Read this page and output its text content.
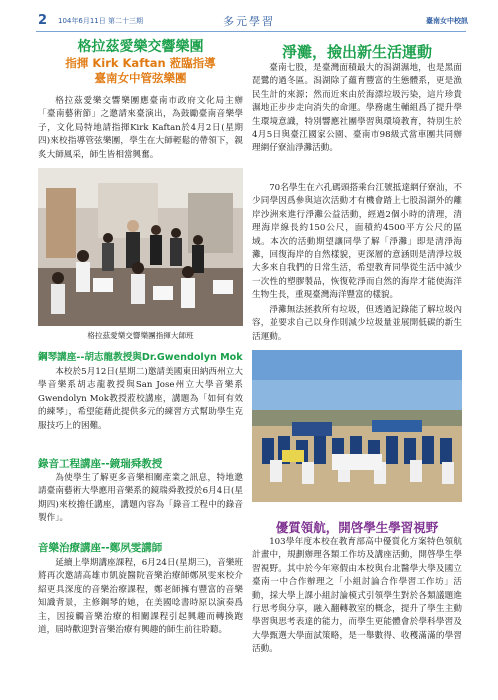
2 104年6月11日 第二十三期	多元學習	臺南女中校訊
格拉茲愛樂交響樂團
指揮 Kirk Kaftan 蒞臨指導
臺南女中管弦樂團

格拉茲愛樂交響樂團應臺南市政府文化局主辦「臺南藝術節」之邀請來臺演出，為鼓勵臺南音樂學子，文化局特地請指揮Kirk Kaftan於4月2日(星期四)來校指導管弦樂團，學生在大師輕鬆的帶領下，親炙大師風采，師生皆相當興奮。

格拉茲愛樂交響樂團指揮大師班
鋼琴講座--胡志龍教授與Dr.Gwendolyn Mok

本校於5月12日(星期二)邀請美國東田納西州立大學音樂系胡志龍教授與San Jose州立大學音樂系Gwendolyn Mok教授蒞校講座，講題為「如何有效的練琴」，希望能藉此提供多元的練習方式幫助學生克服技巧上的困難。

錄音工程講座--鏡瑞舜教授

為使學生了解更多音樂相關產業之訊息，特地邀請臺南藝術大學應用音樂系的鏡瑞舜教授於6月4日(星期四)來校擔任講座，講題內容為「錄音工程中的錄音製作」。

音樂治療講座--鄭夙雯講師

延續上學期講座課程，6月24日(星期三)，音樂班將再次邀請高雄市凱旋醫院音樂治療師鄭夙雯來校介紹更具深度的音樂治療課程，鄭老師擁有豐富的音樂知識背景，主修鋼琴的她，在美國唸書時原以演奏爲主，因接觸音樂治療的相關課程引起興趣而轉換跑道，屆時歡迎對音樂治療有興趣的師生前往聆聽。

淨灘，撿出新生活運動

臺南七股，是臺灣面積最大的潟湖濕地，也是黑面琵鷺的過冬區。潟湖除了蘊育豐富的生態體系，更是漁民生計的來源；然而近來由於海漂垃圾污染，這片珍貴濕地正步步走向消失的命運。學務處生輔組爲了提升學生環境意識，特別響應社團學習與環境教育，特別生於4月5日與臺江國家公園、臺南市98級式當車團共同辦理網仔寮汕淨灘活動。

70名學生在六孔碼頭搭乘台江號抵達網仔寮汕，不少同學因爲參與這次活動才有機會踏上七股潟湖外的離岸沙洲來進行淨灘公益活動，經過2個小時的清理，清理海岸線長約150公尺，面積約4500平方公尺的區域。本次的活動期望讓同學了解「淨灘」即是清淨海灘，回復海岸的自然樣貌，更深層的意涵則是清淨垃圾大多來自我們的日常生活，希望教育同學從生活中減少一次性的塑膠製品，恢復乾淨而自然的海岸才能使海洋生物生長，重現臺灣海洋豐富的樣貌。

淨灘無法拯救所有垃圾，但透過記錄能了解垃圾內容，並要求自己以身作則減少垃圾量並展開低碳的新生活運動。

優質領航，開啓學生學習視野

103學年度本校在教育部高中優質化方案特色領航計畫中，規劃辦理各類工作坊及講座活動，開啓學生學習視野。其中於今年寒假由本校與台北醫學大學及國立臺南一中合作辦理之「小組討論合作學習工作坊」活動，採大學上課小組討論模式引領學生對於各類議題進行思考與分享，融入翻轉教室的概念，提升了學生主動學習與思考表達的能力，而學生更能體會於學科學習及大學甄選大學面試策略，是一舉數得、收穫滿滿的學習活動。
